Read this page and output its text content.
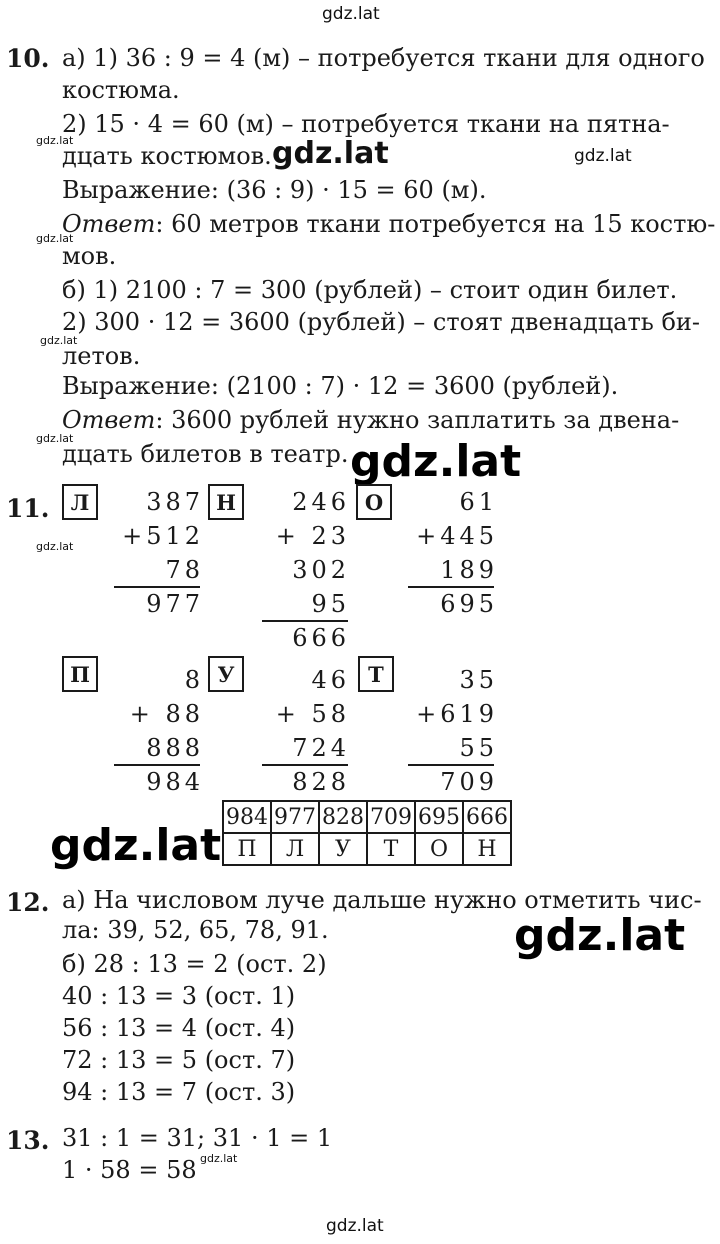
gdz.lat
10. а) 1) 36 : 9 = 4 (м) – потребуется ткани для одного
костюма.
2) 15 · 4 = 60 (м) – потребуется ткани на пятна-
gdz.lat
дцать костюмов. gdz.lat	gdz.lat
Выражение: (36 : 9) · 15 = 60 (м).
Ответ: 60 метров ткани потребуется на 15 костю-
gdz.lat
мов.
б) 1) 2100 : 7 = 300 (рублей) – стоит один билет.
2) 300 · 12 = 3600 (рублей) – стоят двенадцать би-
gdz.lat
летов.
Выражение: (2100 : 7) · 12 = 3600 (рублей).
Ответ: 3600 рублей нужно заплатить за двена-
gdz.lat
дцать билетов в театр. gdz.lat
11.
gdz.lat
Л	387
+512
78
977
Н	246
+ 23
302
95
666
О	61
+445
189
695
П	8
+ 88
888
984
У	46
+ 58
724
828
Т	35
+619
55
709
984	977	828	709	695	666
П	Л	У	Т	О	Н
gdz.lat
12. а) На числовом луче дальше нужно отметить чис-
ла: 39, 52, 65, 78, 91.	gdz.lat
б) 28 : 13 = 2 (ост. 2)
40 : 13 = 3 (ост. 1)
56 : 13 = 4 (ост. 4)
72 : 13 = 5 (ост. 7)
94 : 13 = 7 (ост. 3)
13. 31 : 1 = 31; 31 · 1 = 1
1 · 58 = 58 gdz.lat
gdz.lat
